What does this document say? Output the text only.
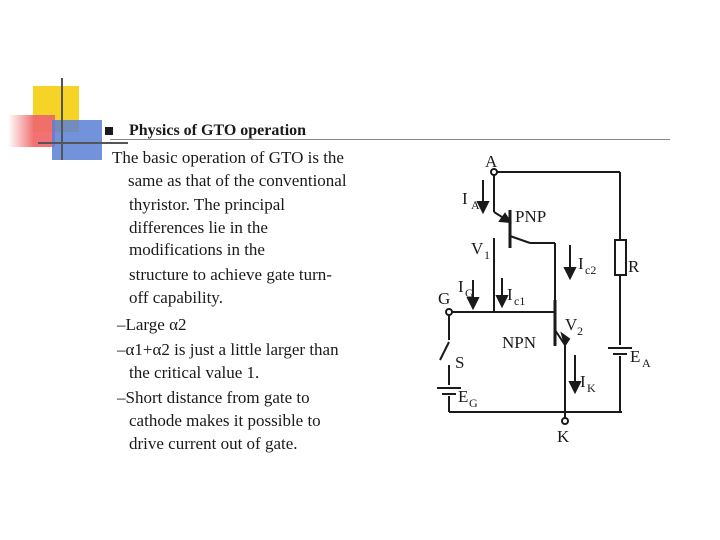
Physics of GTO operation
The basic operation of GTO is the
same as that of the conventional
thyristor. The principal
differences lie in the
modifications in the
structure to achieve gate turn-
off capability.
–Large α2
–α1+α2 is just a little larger than
the critical value 1.
–Short distance from gate to
cathode makes it possible to
drive current out of gate.
A
I A
PNP
V 1	I c2 R
G
I G I c1
V 2
NPN
S	E A
I K
E G
K
